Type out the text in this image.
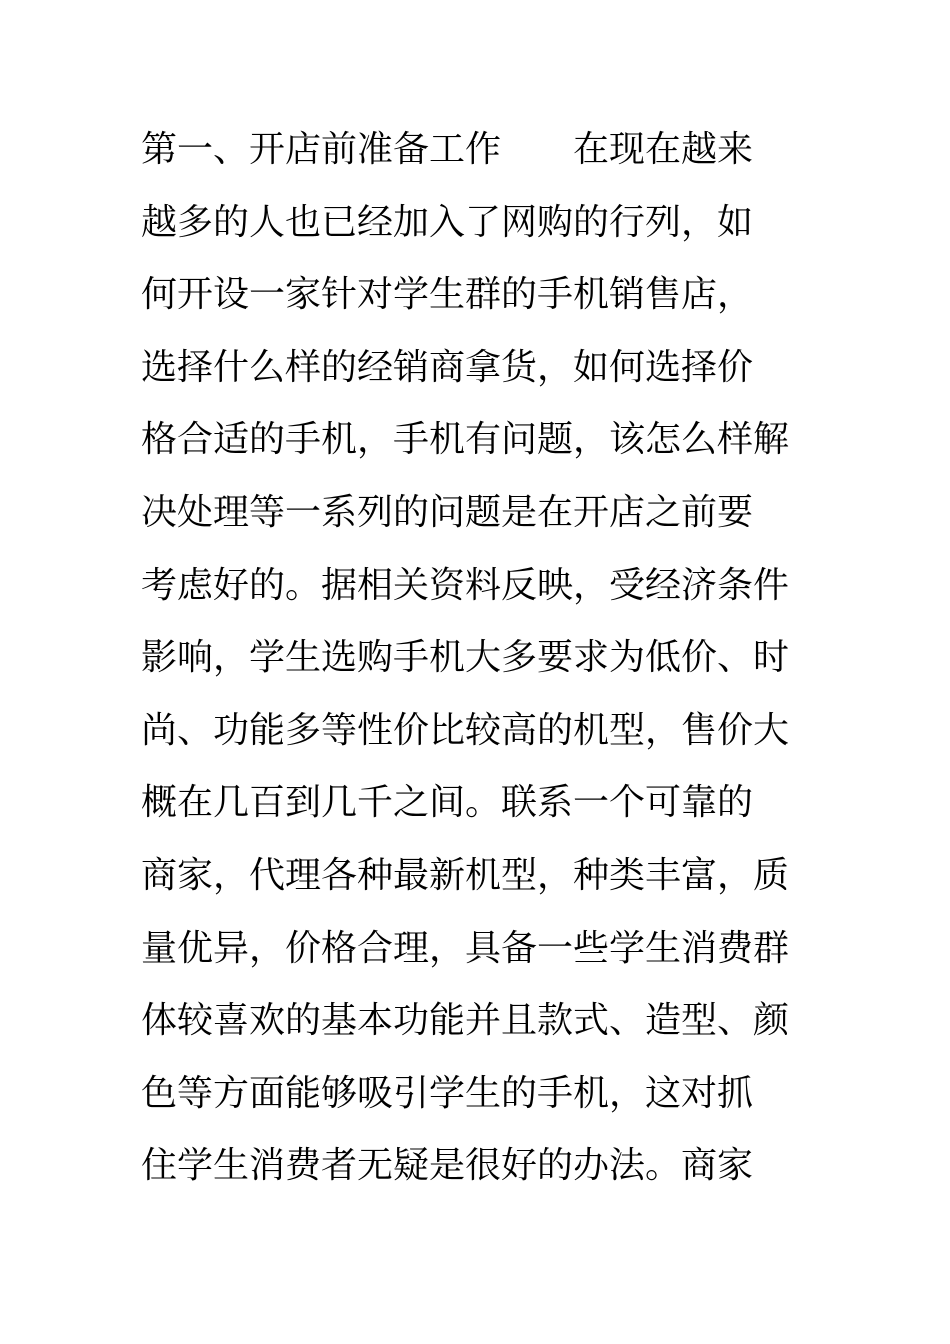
第一、开店前准备工作　　在现在越来
越多的人也已经加入了网购的行列，如
何开设一家针对学生群的手机销售店，
选择什么样的经销商拿货，如何选择价
格合适的手机，手机有问题，该怎么样解
决处理等一系列的问题是在开店之前要
考虑好的。据相关资料反映，受经济条件
影响，学生选购手机大多要求为低价、时
尚、功能多等性价比较高的机型，售价大
概在几百到几千之间。联系一个可靠的
商家，代理各种最新机型，种类丰富，质
量优异，价格合理，具备一些学生消费群
体较喜欢的基本功能并且款式、造型、颜
色等方面能够吸引学生的手机，这对抓
住学生消费者无疑是很好的办法。商家
